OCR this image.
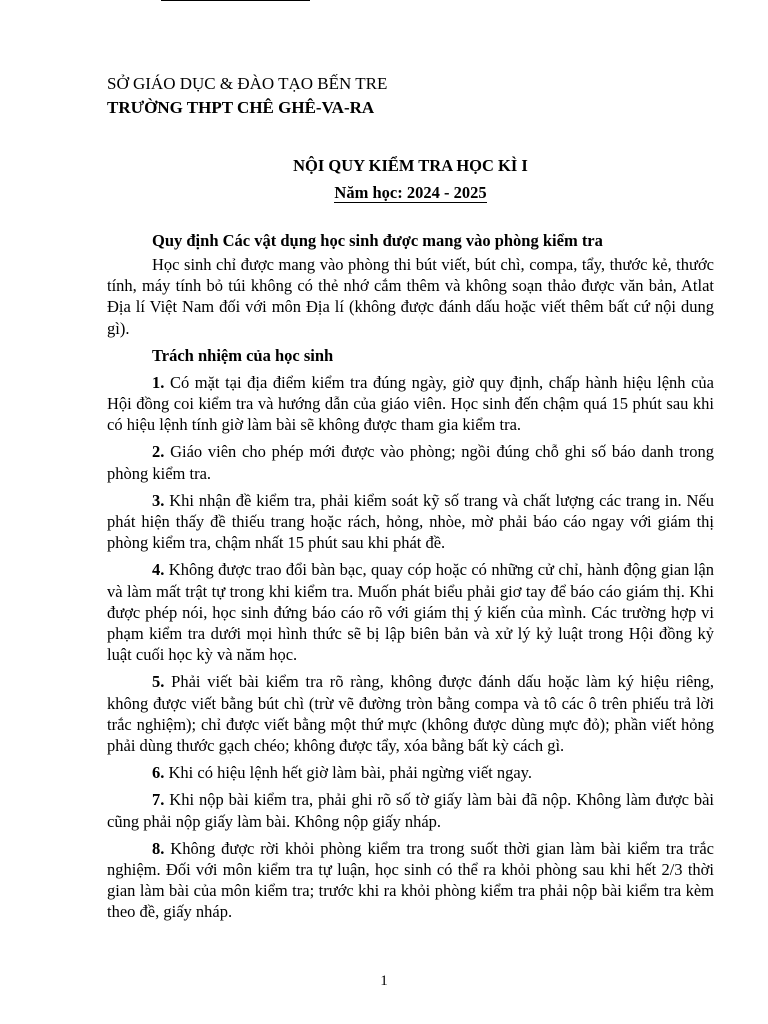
SỞ GIÁO DỤC & ĐÀO TẠO BẾN TRE

TRƯỜNG THPT CHÊ GHÊ-VA-RA

NỘI QUY KIỂM TRA HỌC KÌ I

Năm học: 2024 - 2025

Quy định Các vật dụng học sinh được mang vào phòng kiểm tra

Học sinh chỉ được mang vào phòng thi bút viết, bút chì, compa, tẩy, thước kẻ, thước tính, máy tính bỏ túi không có thẻ nhớ cắm thêm và không soạn thảo được văn bản, Atlat Địa lí Việt Nam đối với môn Địa lí (không được đánh dấu hoặc viết thêm bất cứ nội dung gì).

Trách nhiệm của học sinh

1. Có mặt tại địa điểm kiểm tra đúng ngày, giờ quy định, chấp hành hiệu lệnh của Hội đồng coi kiểm tra và hướng dẫn của giáo viên. Học sinh đến chậm quá 15 phút sau khi có hiệu lệnh tính giờ làm bài sẽ không được tham gia kiểm tra.

2. Giáo viên cho phép mới được vào phòng; ngồi đúng chỗ ghi số báo danh trong phòng kiểm tra.

3. Khi nhận đề kiểm tra, phải kiểm soát kỹ số trang và chất lượng các trang in. Nếu phát hiện thấy đề thiếu trang hoặc rách, hỏng, nhòe, mờ phải báo cáo ngay với giám thị phòng kiểm tra, chậm nhất 15 phút sau khi phát đề.

4. Không được trao đổi bàn bạc, quay cóp hoặc có những cử chỉ, hành động gian lận và làm mất trật tự trong khi kiểm tra. Muốn phát biểu phải giơ tay để báo cáo giám thị. Khi được phép nói, học sinh đứng báo cáo rõ với giám thị ý kiến của mình. Các trường hợp vi phạm kiểm tra dưới mọi hình thức sẽ bị lập biên bản và xử lý kỷ luật trong Hội đồng kỷ luật cuối học kỳ và năm học.

5. Phải viết bài kiểm tra rõ ràng, không được đánh dấu hoặc làm ký hiệu riêng, không được viết bằng bút chì (trừ vẽ đường tròn bằng compa và tô các ô trên phiếu trả lời trắc nghiệm); chỉ được viết bằng một thứ mực (không được dùng mực đỏ); phần viết hỏng phải dùng thước gạch chéo; không được tẩy, xóa bằng bất kỳ cách gì.

6. Khi có hiệu lệnh hết giờ làm bài, phải ngừng viết ngay.

7. Khi nộp bài kiểm tra, phải ghi rõ số tờ giấy làm bài đã nộp. Không làm được bài cũng phải nộp giấy làm bài. Không nộp giấy nháp.

8. Không được rời khỏi phòng kiểm tra trong suốt thời gian làm bài kiểm tra trắc nghiệm. Đối với môn kiểm tra tự luận, học sinh có thể ra khỏi phòng sau khi hết 2/3 thời gian làm bài của môn kiểm tra; trước khi ra khỏi phòng kiểm tra phải nộp bài kiểm tra kèm theo đề, giấy nháp.

1
